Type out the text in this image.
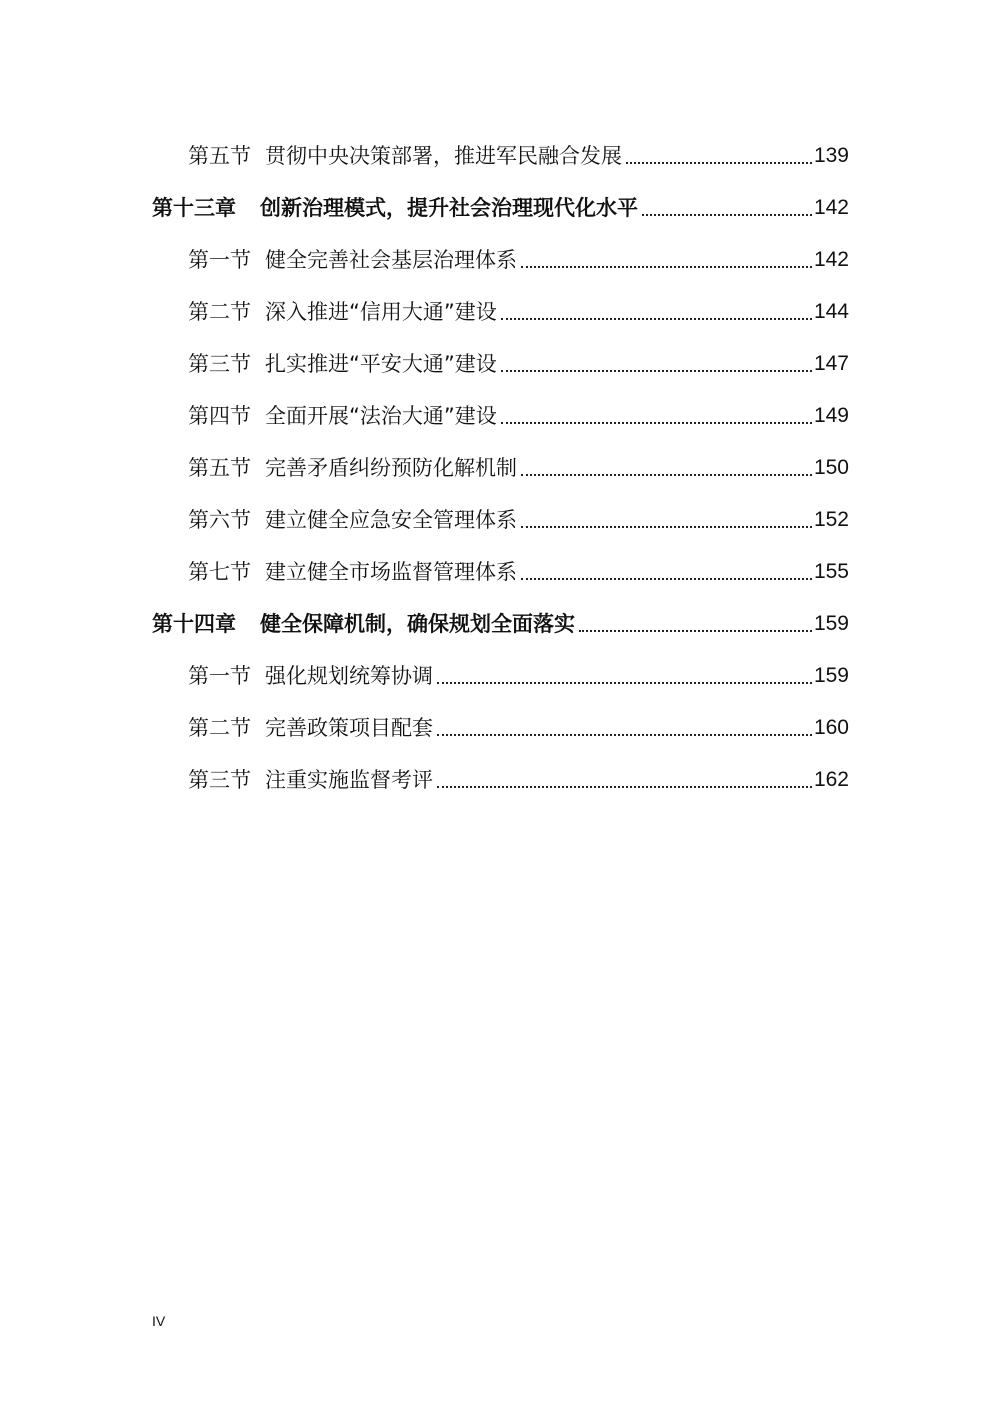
第五节 贯彻中央决策部署，推进军民融合发展	139
第十三章 创新治理模式，提升社会治理现代化水平	142
第一节 健全完善社会基层治理体系	142
第二节 深入推进“信用大通”建设	144
第三节 扎实推进“平安大通”建设	147
第四节 全面开展“法治大通”建设	149
第五节 完善矛盾纠纷预防化解机制	150
第六节 建立健全应急安全管理体系	152
第七节 建立健全市场监督管理体系	155
第十四章 健全保障机制，确保规划全面落实	159
第一节 强化规划统筹协调	159
第二节 完善政策项目配套	160
第三节 注重实施监督考评	162
IV
